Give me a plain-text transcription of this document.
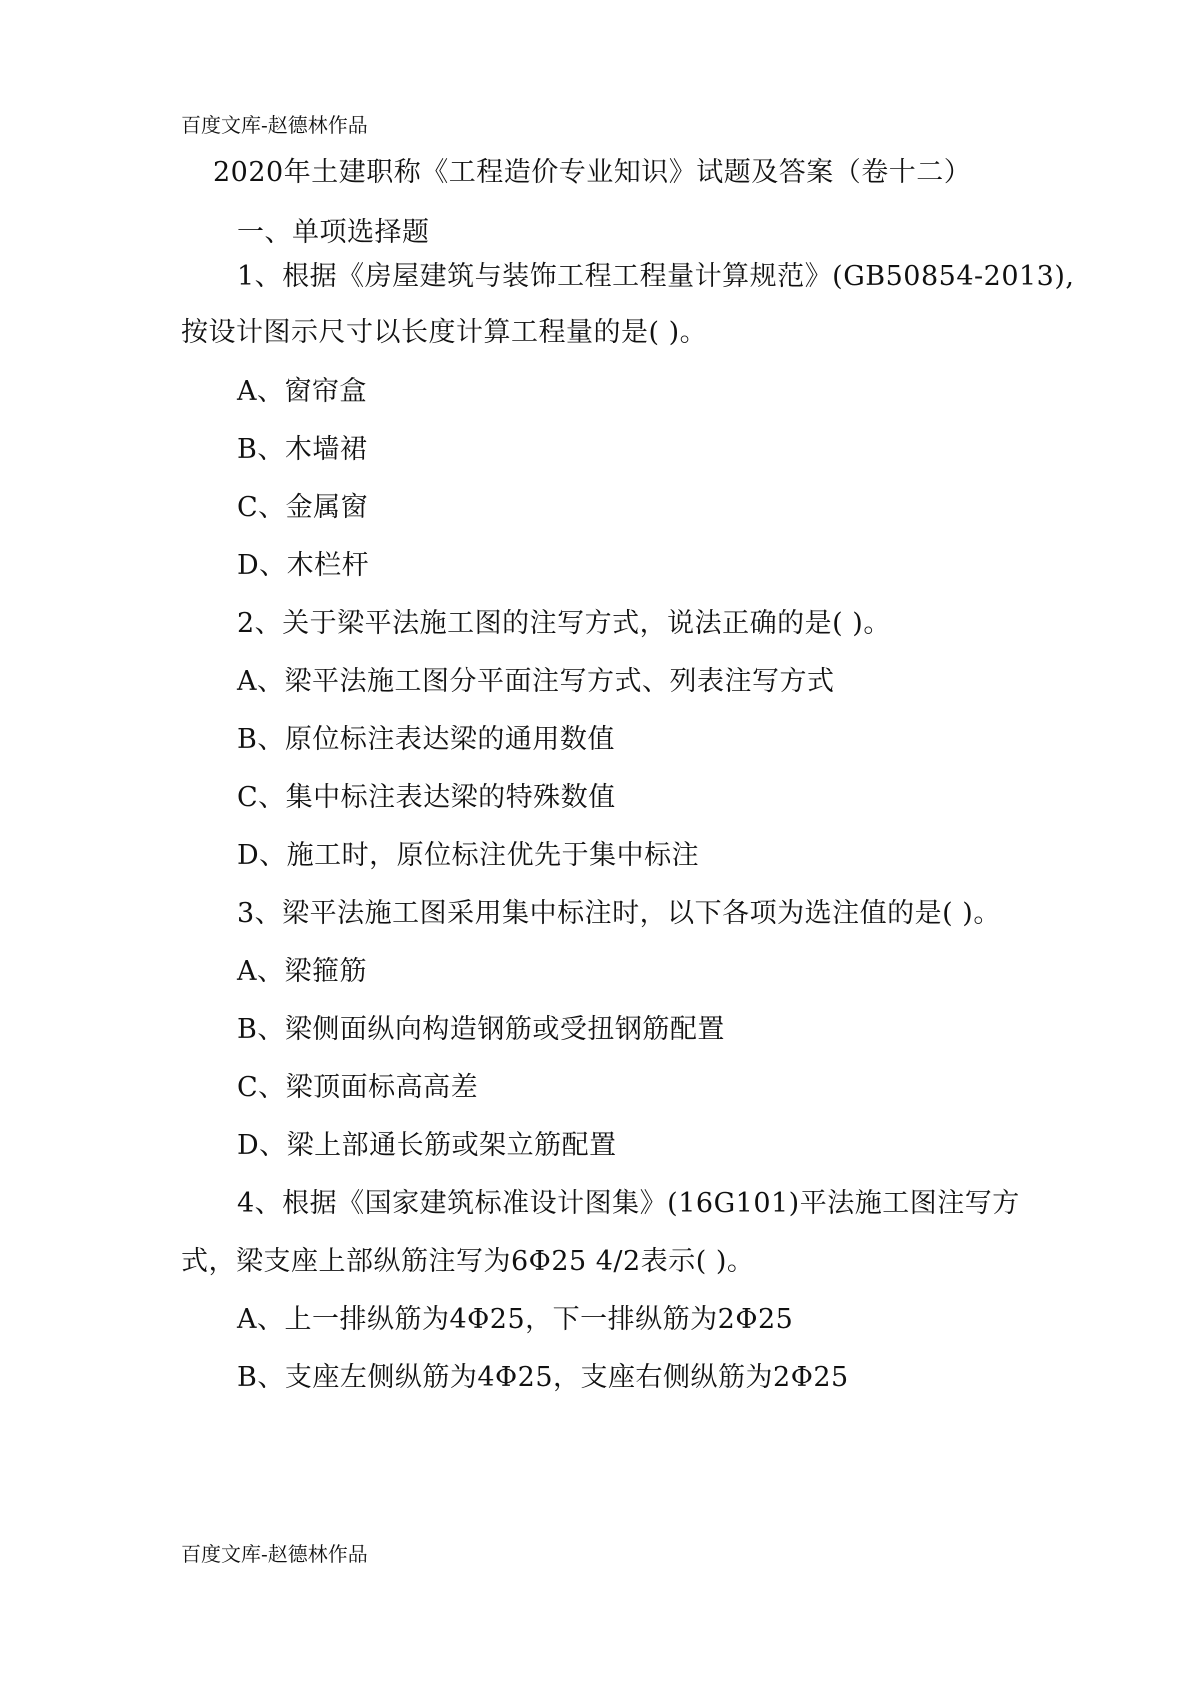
百度文库-赵德林作品
2020年土建职称《工程造价专业知识》试题及答案（卷十二）
一、单项选择题
1、根据《房屋建筑与装饰工程工程量计算规范》(GB50854-2013),
按设计图示尺寸以长度计算工程量的是( )。
A、窗帘盒
B、木墙裙
C、金属窗
D、木栏杆
2、关于梁平法施工图的注写方式，说法正确的是( )。
A、梁平法施工图分平面注写方式、列表注写方式
B、原位标注表达梁的通用数值
C、集中标注表达梁的特殊数值
D、施工时，原位标注优先于集中标注
3、梁平法施工图采用集中标注时，以下各项为选注值的是( )。
A、梁箍筋
B、梁侧面纵向构造钢筋或受扭钢筋配置
C、梁顶面标高高差
D、梁上部通长筋或架立筋配置
4、根据《国家建筑标准设计图集》(16G101)平法施工图注写方
式，梁支座上部纵筋注写为6Φ25 4/2表示( )。
A、上一排纵筋为4Φ25，下一排纵筋为2Φ25
B、支座左侧纵筋为4Φ25，支座右侧纵筋为2Φ25
百度文库-赵德林作品
